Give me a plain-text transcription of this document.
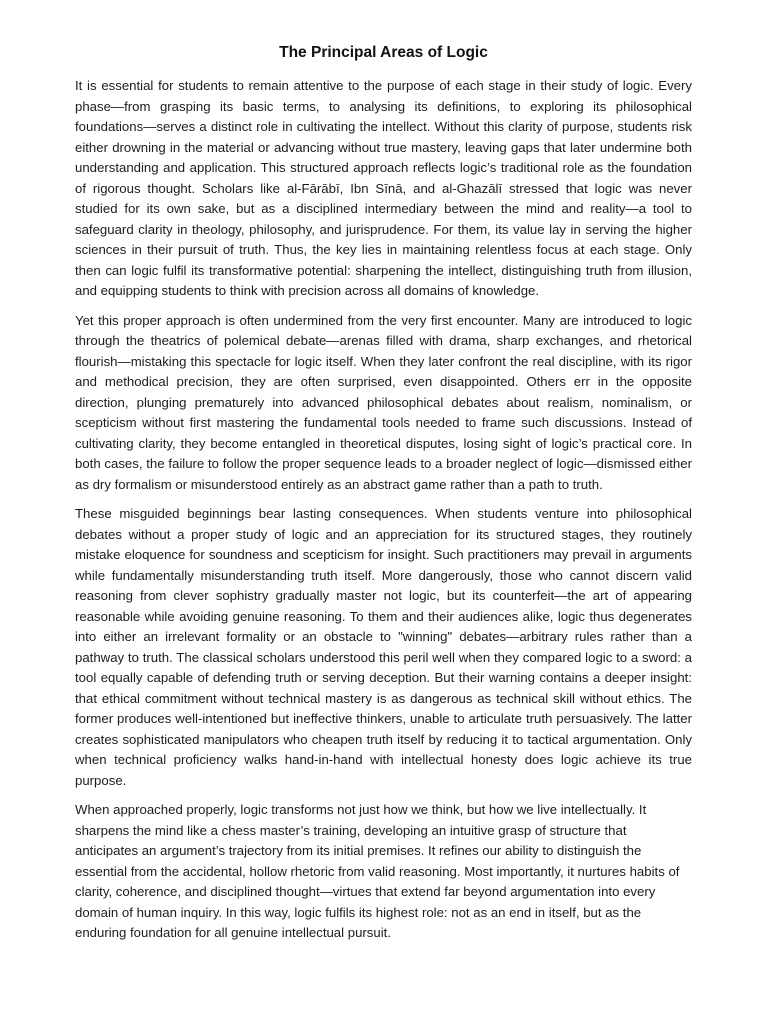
The Principal Areas of Logic

It is essential for students to remain attentive to the purpose of each stage in their study of logic. Every phase—from grasping its basic terms, to analysing its definitions, to exploring its philosophical foundations—serves a distinct role in cultivating the intellect. Without this clarity of purpose, students risk either drowning in the material or advancing without true mastery, leaving gaps that later undermine both understanding and application. This structured approach reflects logic’s traditional role as the foundation of rigorous thought. Scholars like al-Fārābī, Ibn Sīnā, and al-Ghazālī stressed that logic was never studied for its own sake, but as a disciplined intermediary between the mind and reality—a tool to safeguard clarity in theology, philosophy, and jurisprudence. For them, its value lay in serving the higher sciences in their pursuit of truth. Thus, the key lies in maintaining relentless focus at each stage. Only then can logic fulfil its transformative potential: sharpening the intellect, distinguishing truth from illusion, and equipping students to think with precision across all domains of knowledge.

Yet this proper approach is often undermined from the very first encounter. Many are introduced to logic through the theatrics of polemical debate—arenas filled with drama, sharp exchanges, and rhetorical flourish—mistaking this spectacle for logic itself. When they later confront the real discipline, with its rigor and methodical precision, they are often surprised, even disappointed. Others err in the opposite direction, plunging prematurely into advanced philosophical debates about realism, nominalism, or scepticism without first mastering the fundamental tools needed to frame such discussions. Instead of cultivating clarity, they become entangled in theoretical disputes, losing sight of logic’s practical core. In both cases, the failure to follow the proper sequence leads to a broader neglect of logic—dismissed either as dry formalism or misunderstood entirely as an abstract game rather than a path to truth.

These misguided beginnings bear lasting consequences. When students venture into philosophical debates without a proper study of logic and an appreciation for its structured stages, they routinely mistake eloquence for soundness and scepticism for insight. Such practitioners may prevail in arguments while fundamentally misunderstanding truth itself. More dangerously, those who cannot discern valid reasoning from clever sophistry gradually master not logic, but its counterfeit—the art of appearing reasonable while avoiding genuine reasoning. To them and their audiences alike, logic thus degenerates into either an irrelevant formality or an obstacle to "winning" debates—arbitrary rules rather than a pathway to truth. The classical scholars understood this peril well when they compared logic to a sword: a tool equally capable of defending truth or serving deception. But their warning contains a deeper insight: that ethical commitment without technical mastery is as dangerous as technical skill without ethics. The former produces well-intentioned but ineffective thinkers, unable to articulate truth persuasively. The latter creates sophisticated manipulators who cheapen truth itself by reducing it to tactical argumentation. Only when technical proficiency walks hand-in-hand with intellectual honesty does logic achieve its true purpose.

When approached properly, logic transforms not just how we think, but how we live intellectually. It sharpens the mind like a chess master’s training, developing an intuitive grasp of structure that anticipates an argument’s trajectory from its initial premises. It refines our ability to distinguish the essential from the accidental, hollow rhetoric from valid reasoning. Most importantly, it nurtures habits of clarity, coherence, and disciplined thought—virtues that extend far beyond argumentation into every domain of human inquiry. In this way, logic fulfils its highest role: not as an end in itself, but as the enduring foundation for all genuine intellectual pursuit.
